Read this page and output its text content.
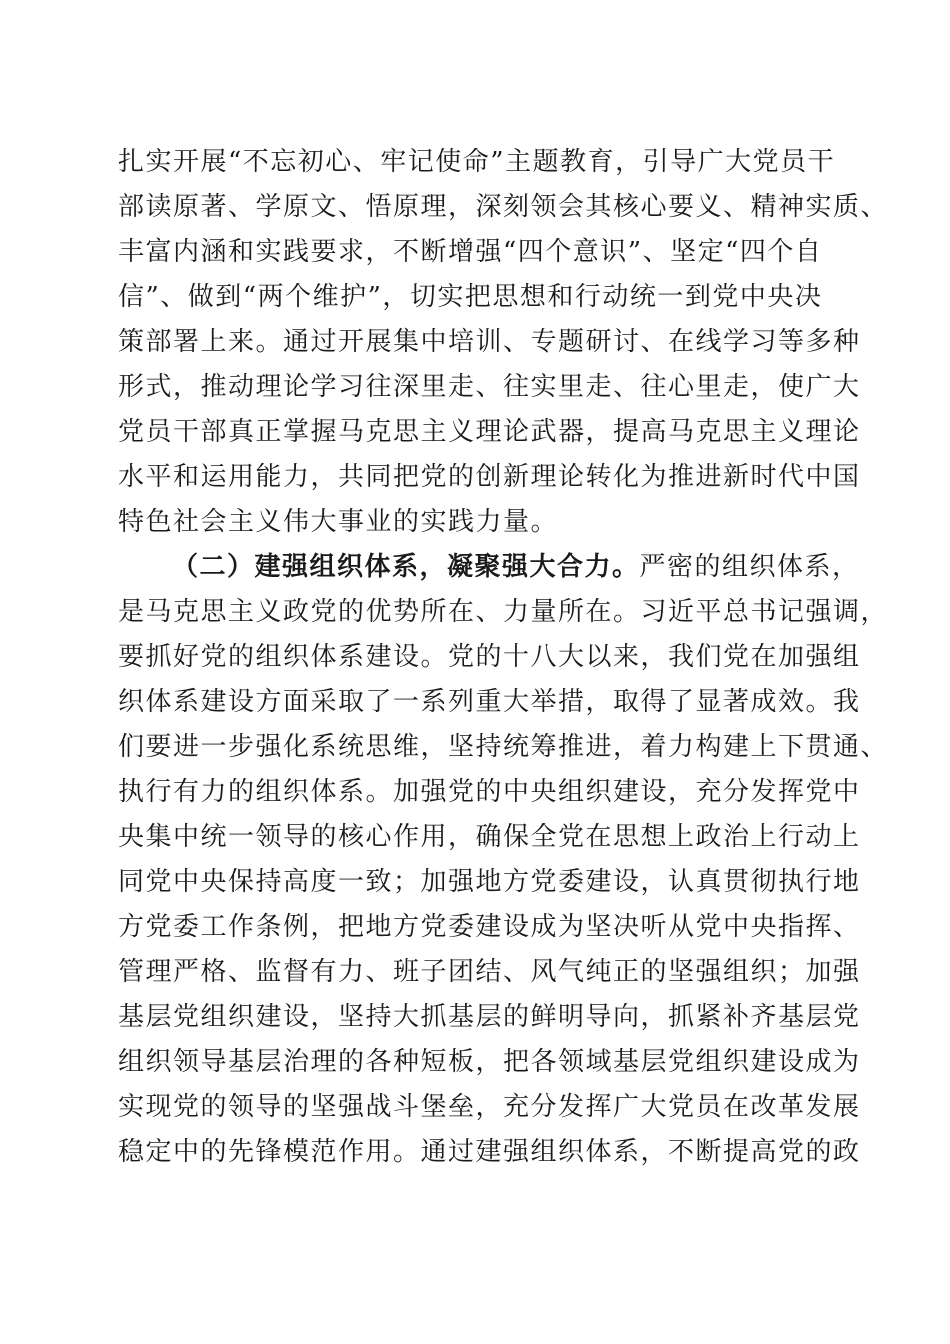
扎实开展“不忘初心、牢记使命”主题教育，引导广大党员干
部读原著、学原文、悟原理，深刻领会其核心要义、精神实质、
丰富内涵和实践要求，不断增强“四个意识”、坚定“四个自
信”、做到“两个维护”，切实把思想和行动统一到党中央决
策部署上来。通过开展集中培训、专题研讨、在线学习等多种
形式，推动理论学习往深里走、往实里走、往心里走，使广大
党员干部真正掌握马克思主义理论武器，提高马克思主义理论
水平和运用能力，共同把党的创新理论转化为推进新时代中国
特色社会主义伟大事业的实践力量。
（二）建强组织体系，凝聚强大合力。严密的组织体系，
是马克思主义政党的优势所在、力量所在。习近平总书记强调，
要抓好党的组织体系建设。党的十八大以来，我们党在加强组
织体系建设方面采取了一系列重大举措，取得了显著成效。我
们要进一步强化系统思维，坚持统筹推进，着力构建上下贯通、
执行有力的组织体系。加强党的中央组织建设，充分发挥党中
央集中统一领导的核心作用，确保全党在思想上政治上行动上
同党中央保持高度一致；加强地方党委建设，认真贯彻执行地
方党委工作条例，把地方党委建设成为坚决听从党中央指挥、
管理严格、监督有力、班子团结、风气纯正的坚强组织；加强
基层党组织建设，坚持大抓基层的鲜明导向，抓紧补齐基层党
组织领导基层治理的各种短板，把各领域基层党组织建设成为
实现党的领导的坚强战斗堡垒，充分发挥广大党员在改革发展
稳定中的先锋模范作用。通过建强组织体系，不断提高党的政
